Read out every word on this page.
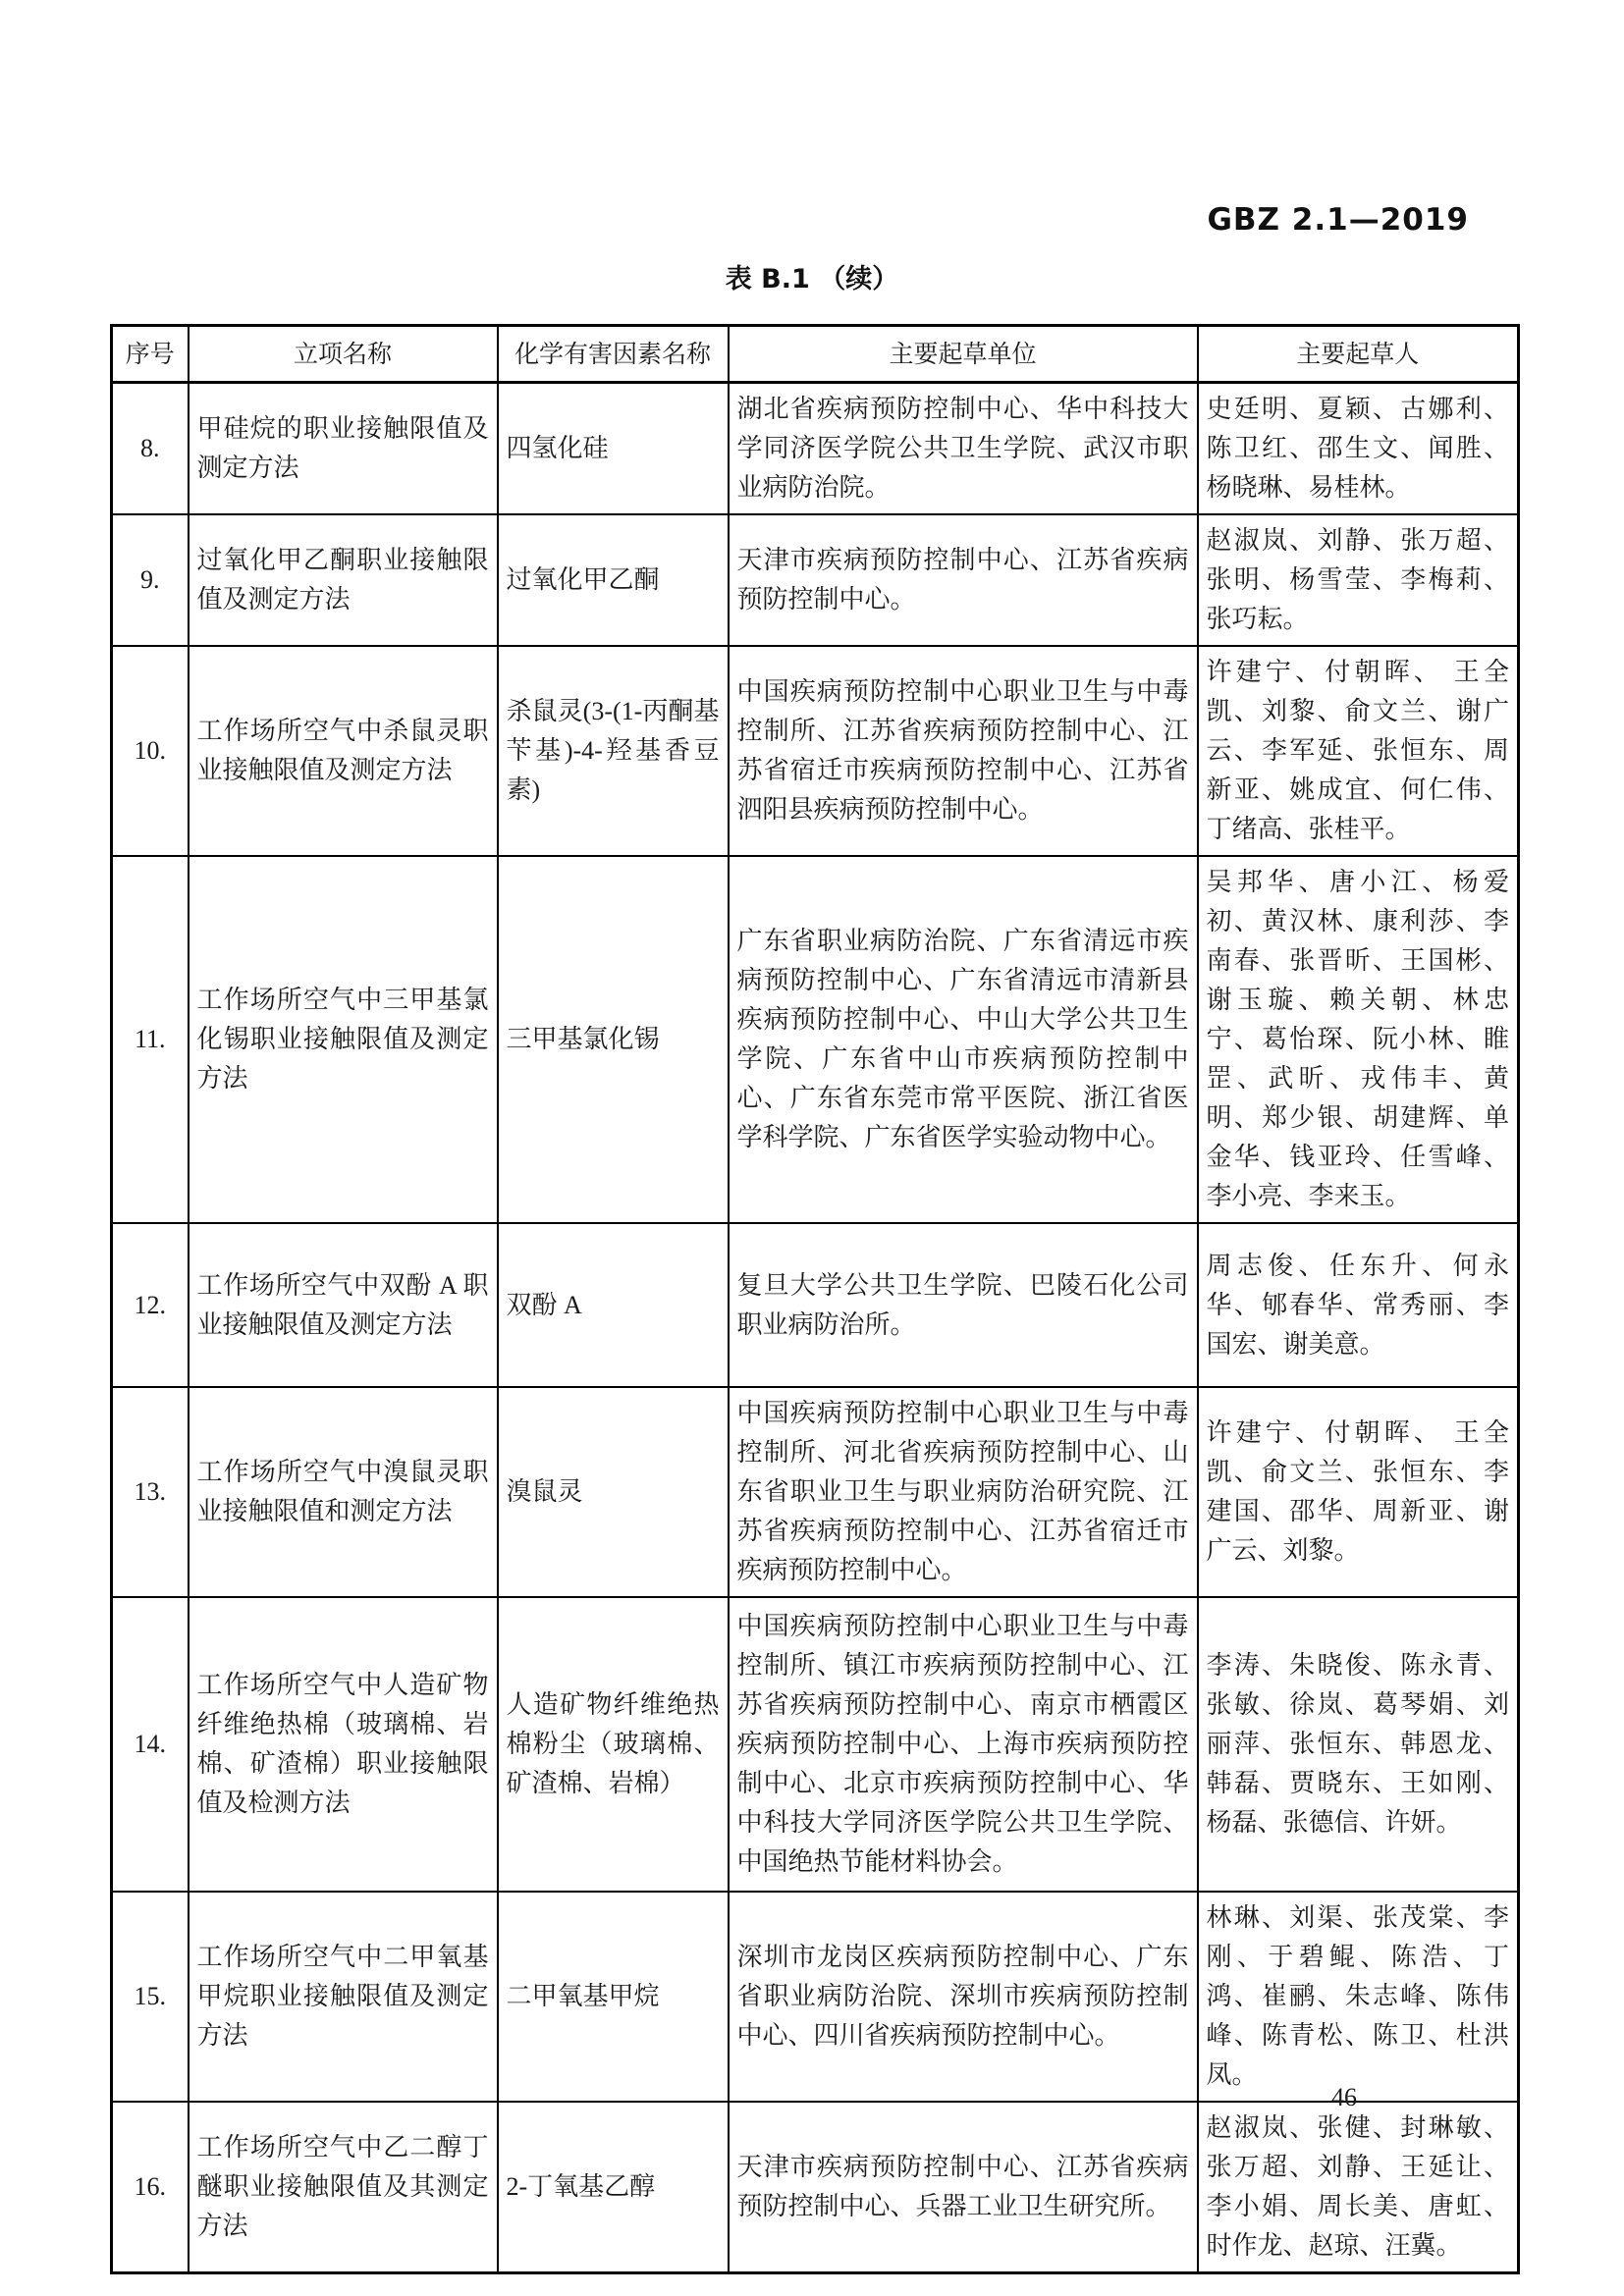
GBZ 2.1—2019
表 B.1 （续）
序号	立项名称	化学有害因素名称	主要起草单位	主要起草人
8.	甲硅烷的职业接触限值及测定方法	四氢化硅	湖北省疾病预防控制中心、华中科技大学同济医学院公共卫生学院、武汉市职业病防治院。	史廷明、夏颖、古娜利、陈卫红、邵生文、闻胜、杨晓琳、易桂林。
9.	过氧化甲乙酮职业接触限值及测定方法	过氧化甲乙酮	天津市疾病预防控制中心、江苏省疾病预防控制中心。	赵淑岚、刘静、张万超、张明、杨雪莹、李梅莉、张巧耘。
10.	工作场所空气中杀鼠灵职业接触限值及测定方法	杀鼠灵(3-(1-丙酮基苄基)-4-羟基香豆素)	中国疾病预防控制中心职业卫生与中毒控制所、江苏省疾病预防控制中心、江苏省宿迁市疾病预防控制中心、江苏省泗阳县疾病预防控制中心。	许建宁、付朝晖、 王全凯、刘黎、俞文兰、谢广云、李军延、张恒东、周新亚、姚成宜、何仁伟、丁绪高、张桂平。
11.	工作场所空气中三甲基氯化锡职业接触限值及测定方法	三甲基氯化锡	广东省职业病防治院、广东省清远市疾病预防控制中心、广东省清远市清新县疾病预防控制中心、中山大学公共卫生学院、广东省中山市疾病预防控制中心、广东省东莞市常平医院、浙江省医学科学院、广东省医学实验动物中心。	吴邦华、唐小江、杨爱初、黄汉林、康利莎、李南春、张晋昕、王国彬、谢玉璇、赖关朝、林忠宁、葛怡琛、阮小林、睢罡、武昕、戎伟丰、黄明、郑少银、胡建辉、单金华、钱亚玲、任雪峰、李小亮、李来玉。
12.	工作场所空气中双酚 A 职业接触限值及测定方法	双酚 A	复旦大学公共卫生学院、巴陵石化公司职业病防治所。	周志俊、任东升、何永华、郇春华、常秀丽、李国宏、谢美意。
13.	工作场所空气中溴鼠灵职业接触限值和测定方法	溴鼠灵	中国疾病预防控制中心职业卫生与中毒控制所、河北省疾病预防控制中心、山东省职业卫生与职业病防治研究院、江苏省疾病预防控制中心、江苏省宿迁市疾病预防控制中心。	许建宁、付朝晖、 王全凯、俞文兰、张恒东、李建国、邵华、周新亚、谢广云、刘黎。
14.	工作场所空气中人造矿物纤维绝热棉（玻璃棉、岩棉、矿渣棉）职业接触限值及检测方法	人造矿物纤维绝热棉粉尘（玻璃棉、矿渣棉、岩棉）	中国疾病预防控制中心职业卫生与中毒控制所、镇江市疾病预防控制中心、江苏省疾病预防控制中心、南京市栖霞区疾病预防控制中心、上海市疾病预防控制中心、北京市疾病预防控制中心、华中科技大学同济医学院公共卫生学院、中国绝热节能材料协会。	李涛、朱晓俊、陈永青、张敏、徐岚、葛琴娟、刘丽萍、张恒东、韩恩龙、韩磊、贾晓东、王如刚、杨磊、张德信、许妍。
15.	工作场所空气中二甲氧基甲烷职业接触限值及测定方法	二甲氧基甲烷	深圳市龙岗区疾病预防控制中心、广东省职业病防治院、深圳市疾病预防控制中心、四川省疾病预防控制中心。	林琳、刘渠、张茂棠、李刚、于碧鲲、陈浩、丁鸿、崔鹂、朱志峰、陈伟峰、陈青松、陈卫、杜洪凤。
16.	工作场所空气中乙二醇丁醚职业接触限值及其测定方法	2-丁氧基乙醇	天津市疾病预防控制中心、江苏省疾病预防控制中心、兵器工业卫生研究所。	赵淑岚、张健、封琳敏、张万超、刘静、王延让、李小娟、周长美、唐虹、时作龙、赵琼、汪冀。
46
